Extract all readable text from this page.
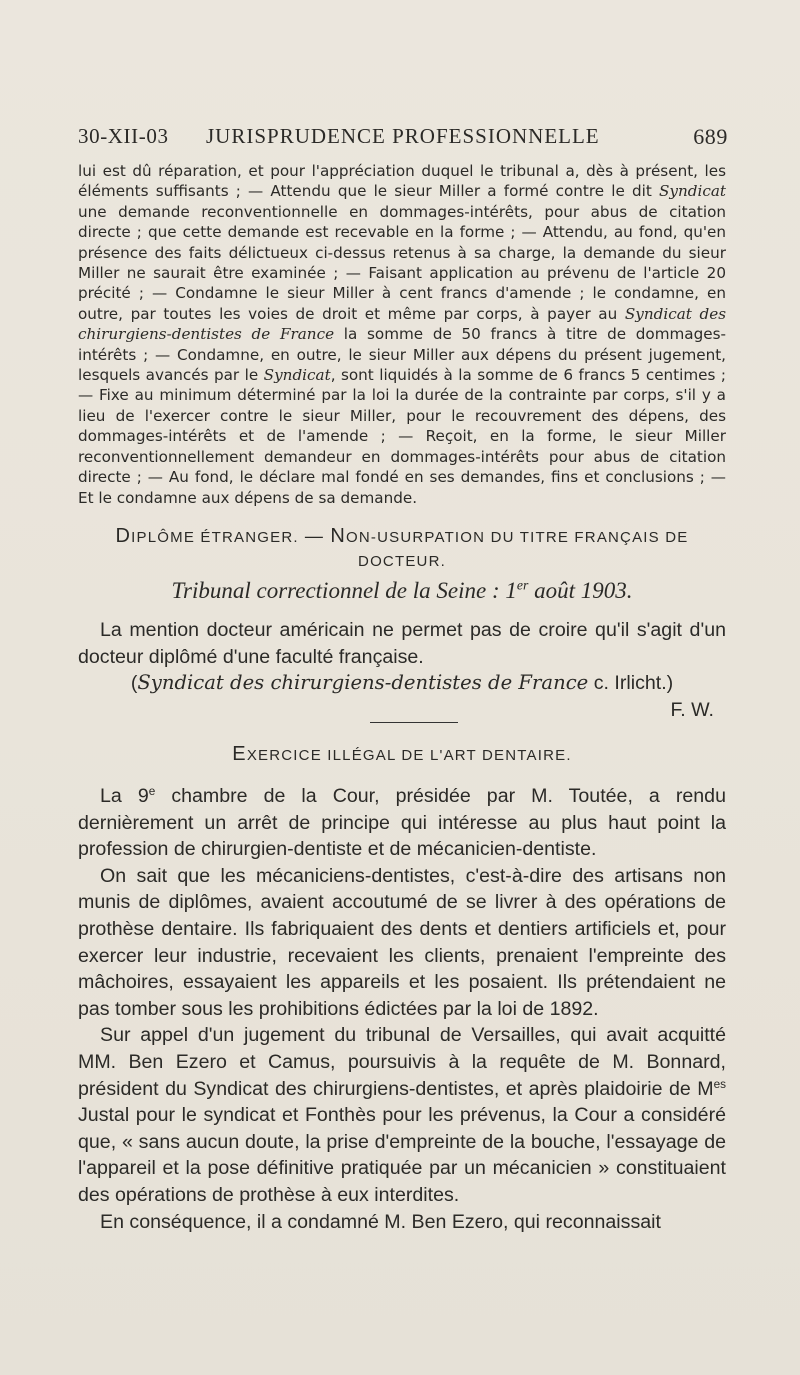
30-XII-03 JURISPRUDENCE PROFESSIONNELLE	689

lui est dû réparation, et pour l'appréciation duquel le tribunal a, dès à présent, les éléments suffisants ; — Attendu que le sieur Miller a formé contre le dit Syndicat une demande reconventionnelle en dommages-intérêts, pour abus de citation directe ; que cette demande est recevable en la forme ; — Attendu, au fond, qu'en présence des faits délictueux ci-dessus retenus à sa charge, la demande du sieur Miller ne saurait être examinée ; — Faisant application au prévenu de l'article 20 précité ; — Condamne le sieur Miller à cent francs d'amende ; le condamne, en outre, par toutes les voies de droit et même par corps, à payer au Syndicat des chirurgiens-dentistes de France la somme de 50 francs à titre de dommages-intérêts ; — Condamne, en outre, le sieur Miller aux dépens du présent jugement, lesquels avancés par le Syndicat, sont liquidés à la somme de 6 francs 5 centimes ; — Fixe au minimum déterminé par la loi la durée de la contrainte par corps, s'il y a lieu de l'exercer contre le sieur Miller, pour le recouvrement des dépens, des dommages-intérêts et de l'amende ; — Reçoit, en la forme, le sieur Miller reconventionnellement demandeur en dommages-intérêts pour abus de citation directe ; — Au fond, le déclare mal fondé en ses demandes, fins et conclusions ; — Et le condamne aux dépens de sa demande.

DIPLÔME ÉTRANGER. — NON-USURPATION DU TITRE FRANÇAIS DE
DOCTEUR.
Tribunal correctionnel de la Seine : 1er août 1903.

La mention docteur américain ne permet pas de croire qu'il s'agit d'un docteur diplômé d'une faculté française.

(Syndicat des chirurgiens-dentistes de France c. Irlicht.)

F. W.

EXERCICE ILLÉGAL DE L'ART DENTAIRE.

La 9e chambre de la Cour, présidée par M. Toutée, a rendu dernièrement un arrêt de principe qui intéresse au plus haut point la profession de chirurgien-dentiste et de mécanicien-dentiste.

On sait que les mécaniciens-dentistes, c'est-à-dire des artisans non munis de diplômes, avaient accoutumé de se livrer à des opérations de prothèse dentaire. Ils fabriquaient des dents et dentiers artificiels et, pour exercer leur industrie, recevaient les clients, prenaient l'empreinte des mâchoires, essayaient les appareils et les posaient. Ils prétendaient ne pas tomber sous les prohibitions édictées par la loi de 1892.

Sur appel d'un jugement du tribunal de Versailles, qui avait acquitté MM. Ben Ezero et Camus, poursuivis à la requête de M. Bonnard, président du Syndicat des chirurgiens-dentistes, et après plaidoirie de $M^{es}$ Justal pour le syndicat et Fonthès pour les prévenus, la Cour a considéré que, « sans aucun doute, la prise d'empreinte de la bouche, l'essayage de l'appareil et la pose définitive pratiquée par un mécanicien » constituaient des opérations de prothèse à eux interdites.

En conséquence, il a condamné M. Ben Ezero, qui reconnaissait
